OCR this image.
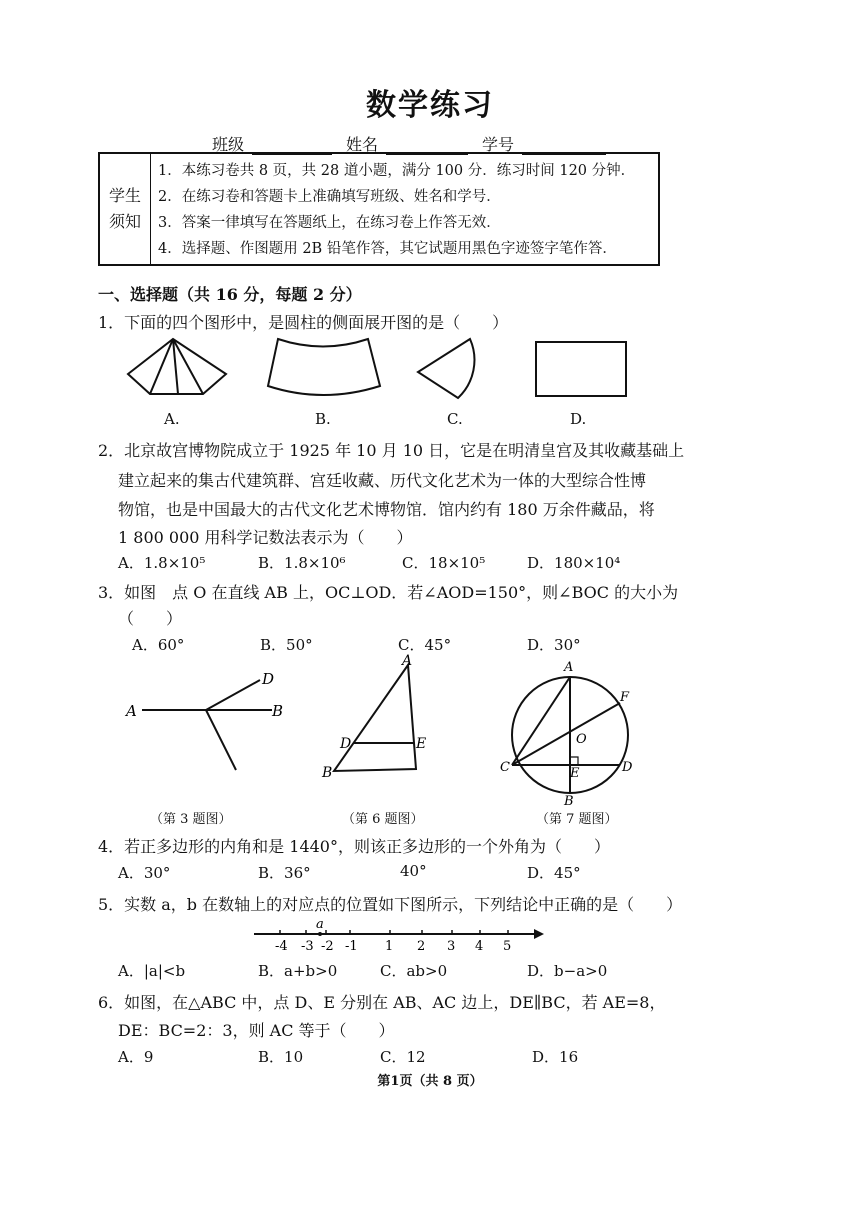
数学练习
班级	姓名	学号
学生
须知
1．本练习卷共 8 页，共 28 道小题，满分 100 分．练习时间 120 分钟．
2．在练习卷和答题卡上准确填写班级、姓名和学号．
3．答案一律填写在答题纸上，在练习卷上作答无效．
4．选择题、作图题用 2B 铅笔作答，其它试题用黑色字迹签字笔作答．
一、选择题（共 16 分，每题 2 分）
1．下面的四个图形中，是圆柱的侧面展开图的是（　　）
A.	B.	C.	D.
2．北京故宫博物院成立于 1925 年 10 月 10 日，它是在明清皇宫及其收藏基础上
建立起来的集古代建筑群、宫廷收藏、历代文化艺术为一体的大型综合性博
物馆，也是中国最大的古代文化艺术博物馆．馆内约有 180 万余件藏品，将
1 800 000 用科学记数法表示为（　　）
A．1.8×10⁵	B．1.8×10⁶	C．18×10⁵	D．180×10⁴
3．如图　点 O 在直线 AB 上，OC⊥OD．若∠AOD=150°，则∠BOC 的大小为
（　　）
A．60°	B．50°	C．45°	D．30°
A	B
D
（第 3 题图）
A
B
D	E
（第 6 题图）
A
B
C	D
E
F
O
（第 7 题图）
4．若正多边形的内角和是 1440°，则该正多边形的一个外角为（　　）
A．30°	B．36°	40°	D．45°
5．实数 a，b 在数轴上的对应点的位置如下图所示，下列结论中正确的是（　　）
-4 -3 -2 -1 1 2 3 4 5
a
A．|a|<b	B．a+b>0	C．ab>0	D．b−a>0
6．如图，在△ABC 中，点 D、E 分别在 AB、AC 边上，DE∥BC，若 AE=8，
DE：BC=2：3，则 AC 等于（　　）
A．9	B．10	C．12	D．16
第1页（共 8 页）
